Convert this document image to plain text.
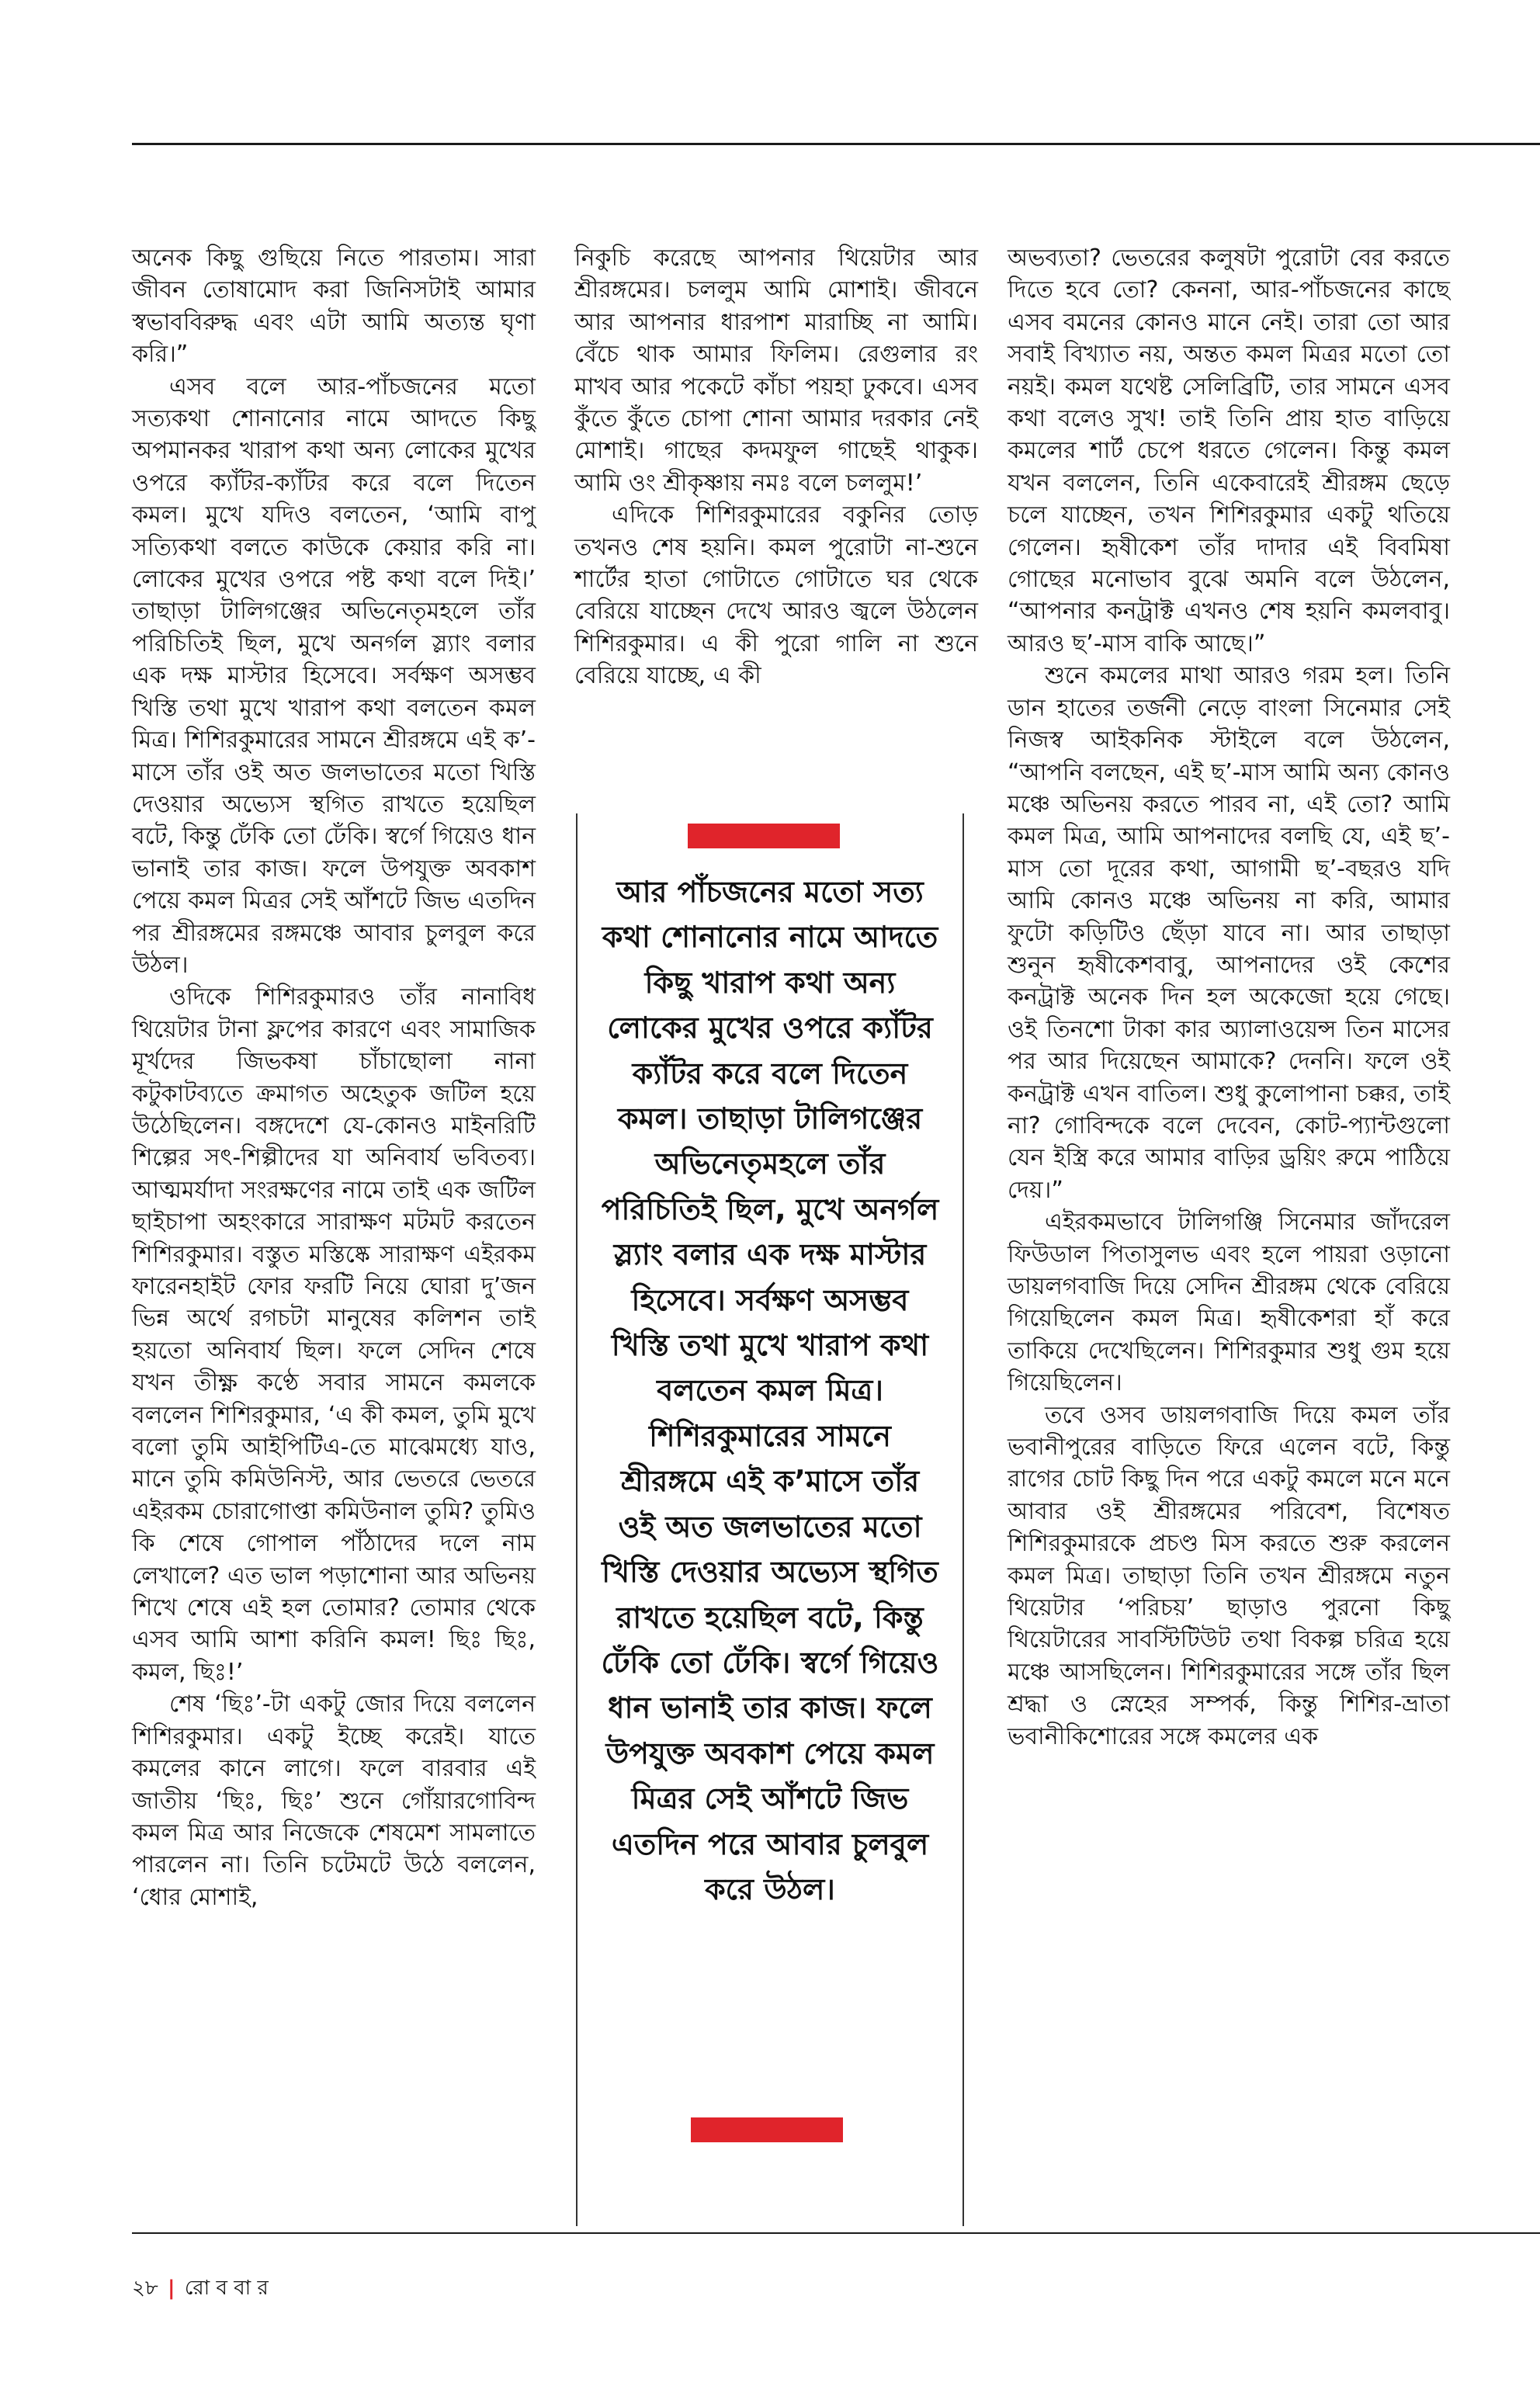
অনেক কিছু গুছিয়ে নিতে পারতাম। সারা জীবন তোষামোদ করা জিনিসটাই আমার স্বভাববিরুদ্ধ এবং এটা আমি অত্যন্ত ঘৃণা করি।”

এসব বলে আর-পাঁচজনের মতো সত্যকথা শোনানোর নামে আদতে কিছু অপমানকর খারাপ কথা অন্য লোকের মুখের ওপরে ক্যাঁটর-ক্যাঁটর করে বলে দিতেন কমল। মুখে যদিও বলতেন, ‘আমি বাপু সত্যিকথা বলতে কাউকে কেয়ার করি না। লোকের মুখের ওপরে পষ্ট কথা বলে দিই।’ তাছাড়া টালিগঞ্জের অভিনেতৃমহলে তাঁর পরিচিতিই ছিল, মুখে অনর্গল স্ল্যাং বলার এক দক্ষ মাস্টার হিসেবে। সর্বক্ষণ অসম্ভব খিস্তি তথা মুখে খারাপ কথা বলতেন কমল মিত্র। শিশিরকুমারের সামনে শ্রীরঙ্গমে এই ক’-মাসে তাঁর ওই অত জলভাতের মতো খিস্তি দেওয়ার অভ্যেস স্থগিত রাখতে হয়েছিল বটে, কিন্তু ঢেঁকি তো ঢেঁকি। স্বর্গে গিয়েও ধান ভানাই তার কাজ। ফলে উপযুক্ত অবকাশ পেয়ে কমল মিত্রর সেই আঁশটে জিভ এতদিন পর শ্রীরঙ্গমের রঙ্গমঞ্চে আবার চুলবুল করে উঠল।

ওদিকে শিশিরকুমারও তাঁর নানাবিধ থিয়েটার টানা ফ্লপের কারণে এবং সামাজিক মূর্খদের জিভকষা চাঁচাছোলা নানা কটুকাটব্যতে ক্রমাগত অহেতুক জটিল হয়ে উঠেছিলেন। বঙ্গদেশে যে-কোনও মাইনরিটি শিল্পের সৎ-শিল্পীদের যা অনিবার্য ভবিতব্য। আত্মমর্যাদা সংরক্ষণের নামে তাই এক জটিল ছাইচাপা অহংকারে সারাক্ষণ মটমট করতেন শিশিরকুমার। বস্তুত মস্তিষ্কে সারাক্ষণ এইরকম ফারেনহাইট ফোর ফরটি নিয়ে ঘোরা দু’জন ভিন্ন অর্থে রগচটা মানুষের কলিশন তাই হয়তো অনিবার্য ছিল। ফলে সেদিন শেষে যখন তীক্ষ্ণ কণ্ঠে সবার সামনে কমলকে বললেন শিশিরকুমার, ‘এ কী কমল, তুমি মুখে বলো তুমি আইপিটিএ-তে মাঝেমধ্যে যাও, মানে তুমি কমিউনিস্ট, আর ভেতরে ভেতরে এইরকম চোরাগোপ্তা কমিউনাল তুমি? তুমিও কি শেষে গোপাল পাঁঠাদের দলে নাম লেখালে? এত ভাল পড়াশোনা আর অভিনয় শিখে শেষে এই হল তোমার? তোমার থেকে এসব আমি আশা করিনি কমল! ছিঃ ছিঃ, কমল, ছিঃ!’

শেষ ‘ছিঃ’-টা একটু জোর দিয়ে বললেন শিশিরকুমার। একটু ইচ্ছে করেই। যাতে কমলের কানে লাগে। ফলে বারবার এই জাতীয় ‘ছিঃ, ছিঃ’ শুনে গোঁয়ারগোবিন্দ কমল মিত্র আর নিজেকে শেষমেশ সামলাতে পারলেন না। তিনি চটেমটে উঠে বললেন, ‘ধোর মোশাই,

নিকুচি করেছে আপনার থিয়েটার আর শ্রীরঙ্গমের। চললুম আমি মোশাই। জীবনে আর আপনার ধারপাশ মারাচ্ছি না আমি। বেঁচে থাক আমার ফিলিম। রেগুলার রং মাখব আর পকেটে কাঁচা পয়হা ঢুকবে। এসব কুঁতে কুঁতে চোপা শোনা আমার দরকার নেই মোশাই। গাছের কদমফুল গাছেই থাকুক। আমি ওং শ্রীকৃষ্ণায় নমঃ বলে চললুম!’

এদিকে শিশিরকুমারের বকুনির তোড় তখনও শেষ হয়নি। কমল পুরোটা না-শুনে শার্টের হাতা গোটাতে গোটাতে ঘর থেকে বেরিয়ে যাচ্ছেন দেখে আরও জ্বলে উঠলেন শিশিরকুমার। এ কী পুরো গালি না শুনে বেরিয়ে যাচ্ছে, এ কী

অভব্যতা? ভেতরের কলুষটা পুরোটা বের করতে দিতে হবে তো? কেননা, আর-পাঁচজনের কাছে এসব বমনের কোনও মানে নেই। তারা তো আর সবাই বিখ্যাত নয়, অন্তত কমল মিত্রর মতো তো নয়ই। কমল যথেষ্ট সেলিব্রিটি, তার সামনে এসব কথা বলেও সুখ! তাই তিনি প্রায় হাত বাড়িয়ে কমলের শার্ট চেপে ধরতে গেলেন। কিন্তু কমল যখন বললেন, তিনি একেবারেই শ্রীরঙ্গম ছেড়ে চলে যাচ্ছেন, তখন শিশিরকুমার একটু থতিয়ে গেলেন। হৃষীকেশ তাঁর দাদার এই বিবমিষা গোছের মনোভাব বুঝে অমনি বলে উঠলেন, “আপনার কনট্রাক্ট এখনও শেষ হয়নি কমলবাবু। আরও ছ’-মাস বাকি আছে।”

শুনে কমলের মাথা আরও গরম হল। তিনি ডান হাতের তর্জনী নেড়ে বাংলা সিনেমার সেই নিজস্ব আইকনিক স্টাইলে বলে উঠলেন, “আপনি বলছেন, এই ছ’-মাস আমি অন্য কোনও মঞ্চে অভিনয় করতে পারব না, এই তো? আমি কমল মিত্র, আমি আপনাদের বলছি যে, এই ছ’-মাস তো দূরের কথা, আগামী ছ’-বছরও যদি আমি কোনও মঞ্চে অভিনয় না করি, আমার ফুটো কড়িটিও ছেঁড়া যাবে না। আর তাছাড়া শুনুন হৃষীকেশবাবু, আপনাদের ওই কেশের কনট্রাক্ট অনেক দিন হল অকেজো হয়ে গেছে। ওই তিনশো টাকা কার অ্যালাওয়েন্স তিন মাসের পর আর দিয়েছেন আমাকে? দেননি। ফলে ওই কনট্রাক্ট এখন বাতিল। শুধু কুলোপানা চক্কর, তাই না? গোবিন্দকে বলে দেবেন, কোট-প্যান্টগুলো যেন ইস্ত্রি করে আমার বাড়ির ড্রয়িং রুমে পাঠিয়ে দেয়।”

এইরকমভাবে টালিগঞ্জি সিনেমার জাঁদরেল ফিউডাল পিতাসুলভ এবং হলে পায়রা ওড়ানো ডায়লগবাজি দিয়ে সেদিন শ্রীরঙ্গম থেকে বেরিয়ে গিয়েছিলেন কমল মিত্র। হৃষীকেশরা হাঁ করে তাকিয়ে দেখেছিলেন। শিশিরকুমার শুধু গুম হয়ে গিয়েছিলেন।

তবে ওসব ডায়লগবাজি দিয়ে কমল তাঁর ভবানীপুরের বাড়িতে ফিরে এলেন বটে, কিন্তু রাগের চোট কিছু দিন পরে একটু কমলে মনে মনে আবার ওই শ্রীরঙ্গমের পরিবেশ, বিশেষত শিশিরকুমারকে প্রচণ্ড মিস করতে শুরু করলেন কমল মিত্র। তাছাড়া তিনি তখন শ্রীরঙ্গমে নতুন থিয়েটার ‘পরিচয়’ ছাড়াও পুরনো কিছু থিয়েটারের সাবস্টিটিউট তথা বিকল্প চরিত্র হয়ে মঞ্চে আসছিলেন। শিশিরকুমারের সঙ্গে তাঁর ছিল শ্রদ্ধা ও স্নেহের সম্পর্ক, কিন্তু শিশির-ভ্রাতা ভবানীকিশোরের সঙ্গে কমলের এক

আর পাঁচজনের মতো সত্য কথা শোনানোর নামে আদতে কিছু খারাপ কথা অন্য লোকের মুখের ওপরে ক্যাঁটর ক্যাঁটর করে বলে দিতেন কমল। তাছাড়া টালিগঞ্জের অভিনেতৃমহলে তাঁর পরিচিতিই ছিল, মুখে অনর্গল স্ল্যাং বলার এক দক্ষ মাস্টার হিসেবে। সর্বক্ষণ অসম্ভব খিস্তি তথা মুখে খারাপ কথা বলতেন কমল মিত্র। শিশিরকুমারের সামনে শ্রীরঙ্গমে এই ক’মাসে তাঁর ওই অত জলভাতের মতো খিস্তি দেওয়ার অভ্যেস স্থগিত রাখতে হয়েছিল বটে, কিন্তু ঢেঁকি তো ঢেঁকি। স্বর্গে গিয়েও ধান ভানাই তার কাজ। ফলে উপযুক্ত অবকাশ পেয়ে কমল মিত্রর সেই আঁশটে জিভ এতদিন পরে আবার চুলবুল করে উঠল।

২৮ | রো ব বা র
